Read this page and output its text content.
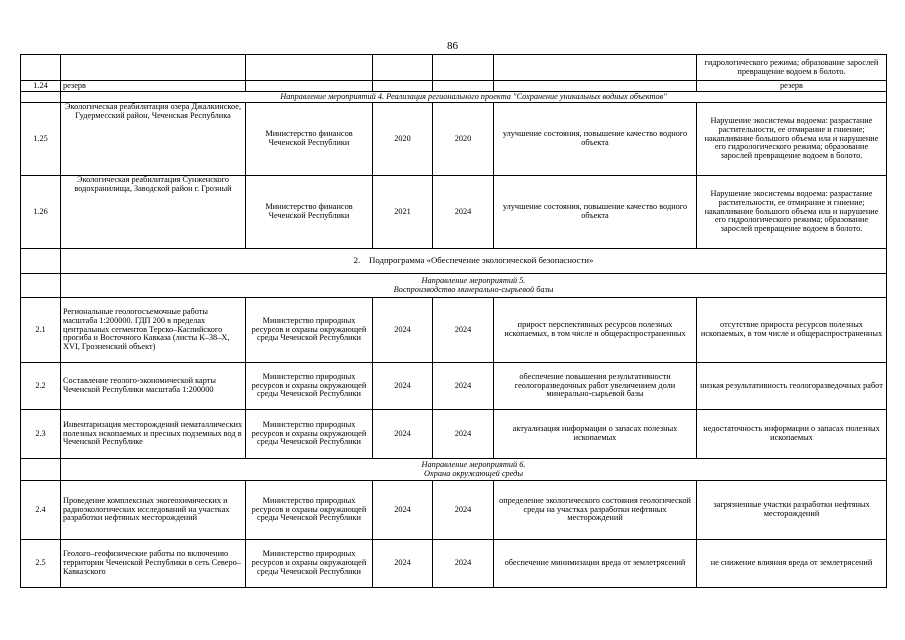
86
						гидрологического режима; образование зарослей превращение водоем в болото.
1.24	резерв					резерв
	Направление мероприятий 4. Реализация регионального проекта "Сохранение уникальных водных объектов"					
1.25	Экологическая реабилитация озера Джалкинское, Гудермесский район, Чеченская Республика	Министерство финансов Чеченской Республики	2020	2020	улучшение состояния, повышение качество водного объекта	Нарушение экосистемы водоема: разрастание растительности, ее отмирание и гниение; накапливание большого объема ила и нарушение его гидрологического режима; образование зарослей превращение водоем в болото.
1.26	Экологическая реабилитация Сунженского водохранилища, Заводской район г. Грозный	Министерство финансов Чеченской Республики	2021	2024	улучшение состояния, повышение качество водного объекта	Нарушение экосистемы водоема: разрастание растительности, ее отмирание и гниение; накапливание большого объема ила и нарушение его гидрологического режима; образование зарослей превращение водоем в болото.
	2. Подпрограмма «Обеспечение экологической безопасности»					

	Направление мероприятий 5.
Воспроизводство минерально-сырьевой базы					

2.1	Региональные геологосъемочные работы масштаба 1:200000. ГДП 200 в пределах центральных сегментов Терско–Каспийского прогиба и Восточного Кавказа (листы К–38–Х, XVI, Грозненский объект)	Министерство природных ресурсов и охраны окружающей среды Чеченской Республики	2024	2024	прирост перспективных ресурсов полезных ископаемых, в том числе и общераспространенных	отсутствие прироста ресурсов полезных ископаемых, в том числе и общераспространенных
2.2	Составление геолого-экономической карты Чеченской Республики масштаба 1:200000	Министерство природных ресурсов и охраны окружающей среды Чеченской Республики	2024	2024	обеспечение повышения результативности геологоразведочных работ увеличением доли минерально-сырьевой базы	низкая результативность геологоразведочных работ
2.3	Инвентаризация месторождений нематаллических полезных ископаемых и пресных подземных вод в Чеченской Республике	Министерство природных ресурсов и охраны окружающей среды Чеченской Республики	2024	2024	актуализация информации о запасах полезных ископаемых	недостаточность информации о запасах полезных ископаемых

	Направление мероприятий 6.
Охрана окружающей среды					

2.4	Проведение комплексных экогеохимических и радиоэкологических исследований на участках разработки нефтяных месторождений	Министерство природных ресурсов и охраны окружающей среды Чеченской Республики	2024	2024	определение экологического состояния геологической среды на участках разработки нефтяных месторождений	загрязненные участки разработки нефтяных месторождений
2.5	Геолого–геофизические работы по включению территории Чеченской Республики в сеть Северо–Кавказского	Министерство природных ресурсов и охраны окружающей среды Чеченской Республики	2024	2024	обеспечение минимизации вреда от землетрясений	не снижение влияния вреда от землетрясений
